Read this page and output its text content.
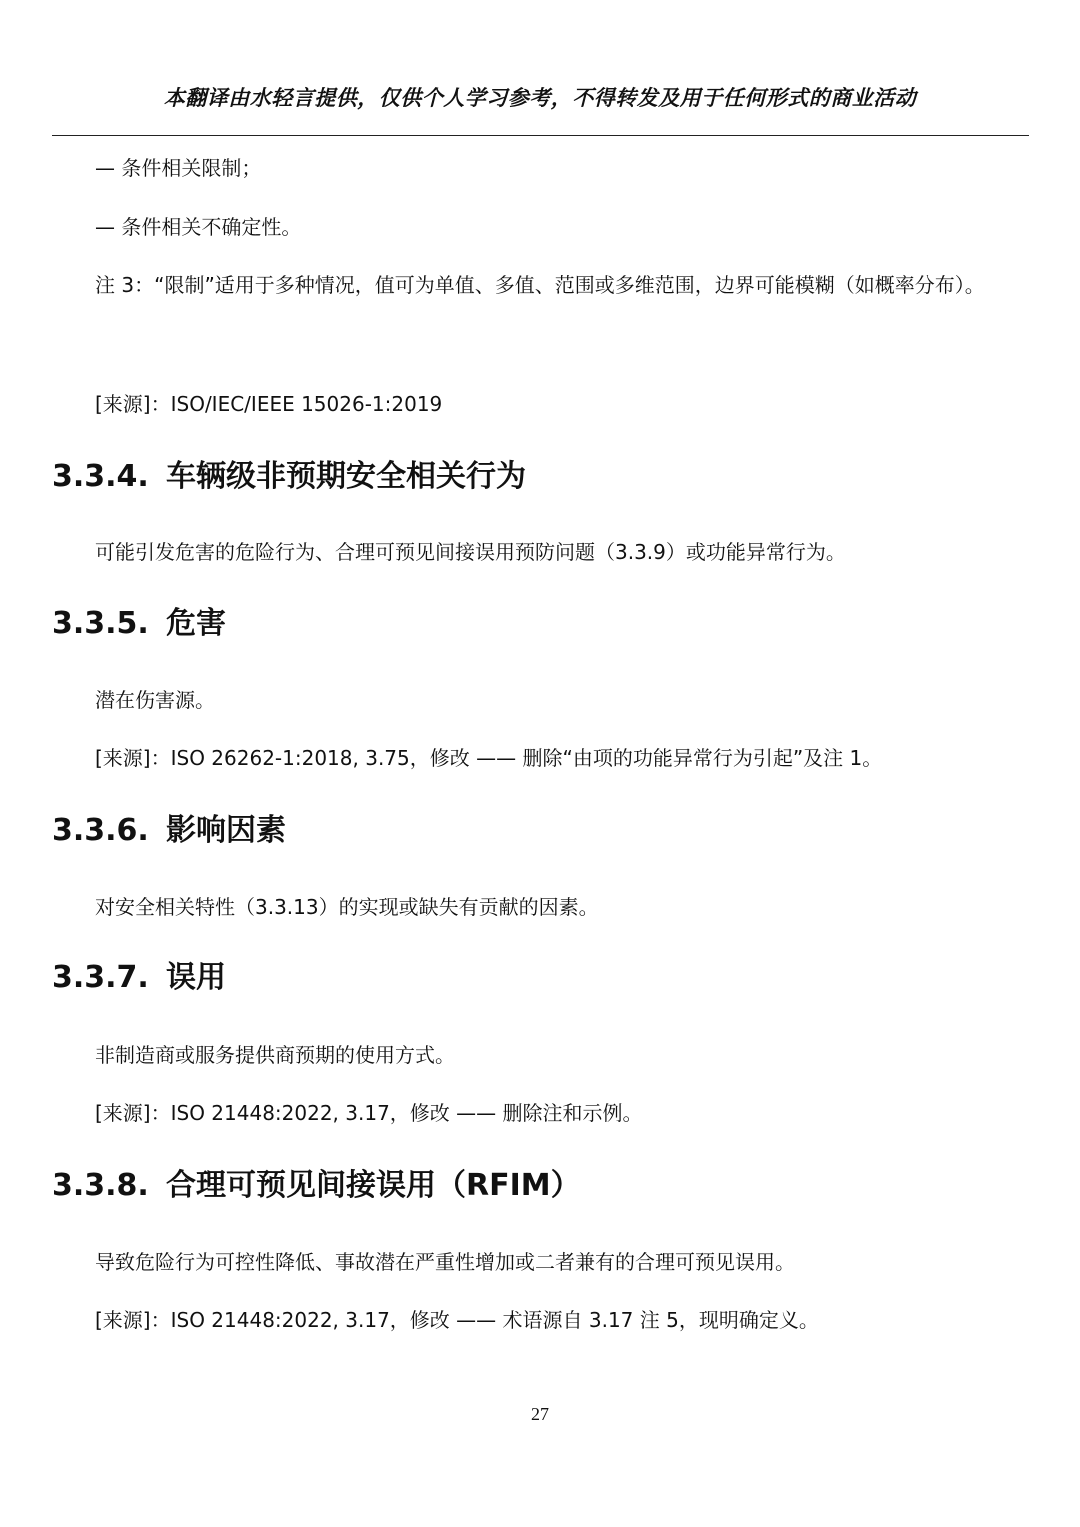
本翻译由水轻言提供，仅供个人学习参考，不得转发及用于任何形式的商业活动
— 条件相关限制；
— 条件相关不确定性。
注 3：“限制”适用于多种情况，值可为单值、多值、范围或多维范围，边界可能模糊（如概率分布）。
[来源]：ISO/IEC/IEEE 15026-1:2019
3.3.4. 车辆级非预期安全相关行为
可能引发危害的危险行为、合理可预见间接误用预防问题（3.3.9）或功能异常行为。
3.3.5. 危害
潜在伤害源。
[来源]：ISO 26262-1:2018, 3.75，修改 —— 删除“由项的功能异常行为引起”及注 1。
3.3.6. 影响因素
对安全相关特性（3.3.13）的实现或缺失有贡献的因素。
3.3.7. 误用
非制造商或服务提供商预期的使用方式。
[来源]：ISO 21448:2022, 3.17，修改 —— 删除注和示例。
3.3.8. 合理可预见间接误用（RFIM）
导致危险行为可控性降低、事故潜在严重性增加或二者兼有的合理可预见误用。
[来源]：ISO 21448:2022, 3.17，修改 —— 术语源自 3.17 注 5，现明确定义。
27
